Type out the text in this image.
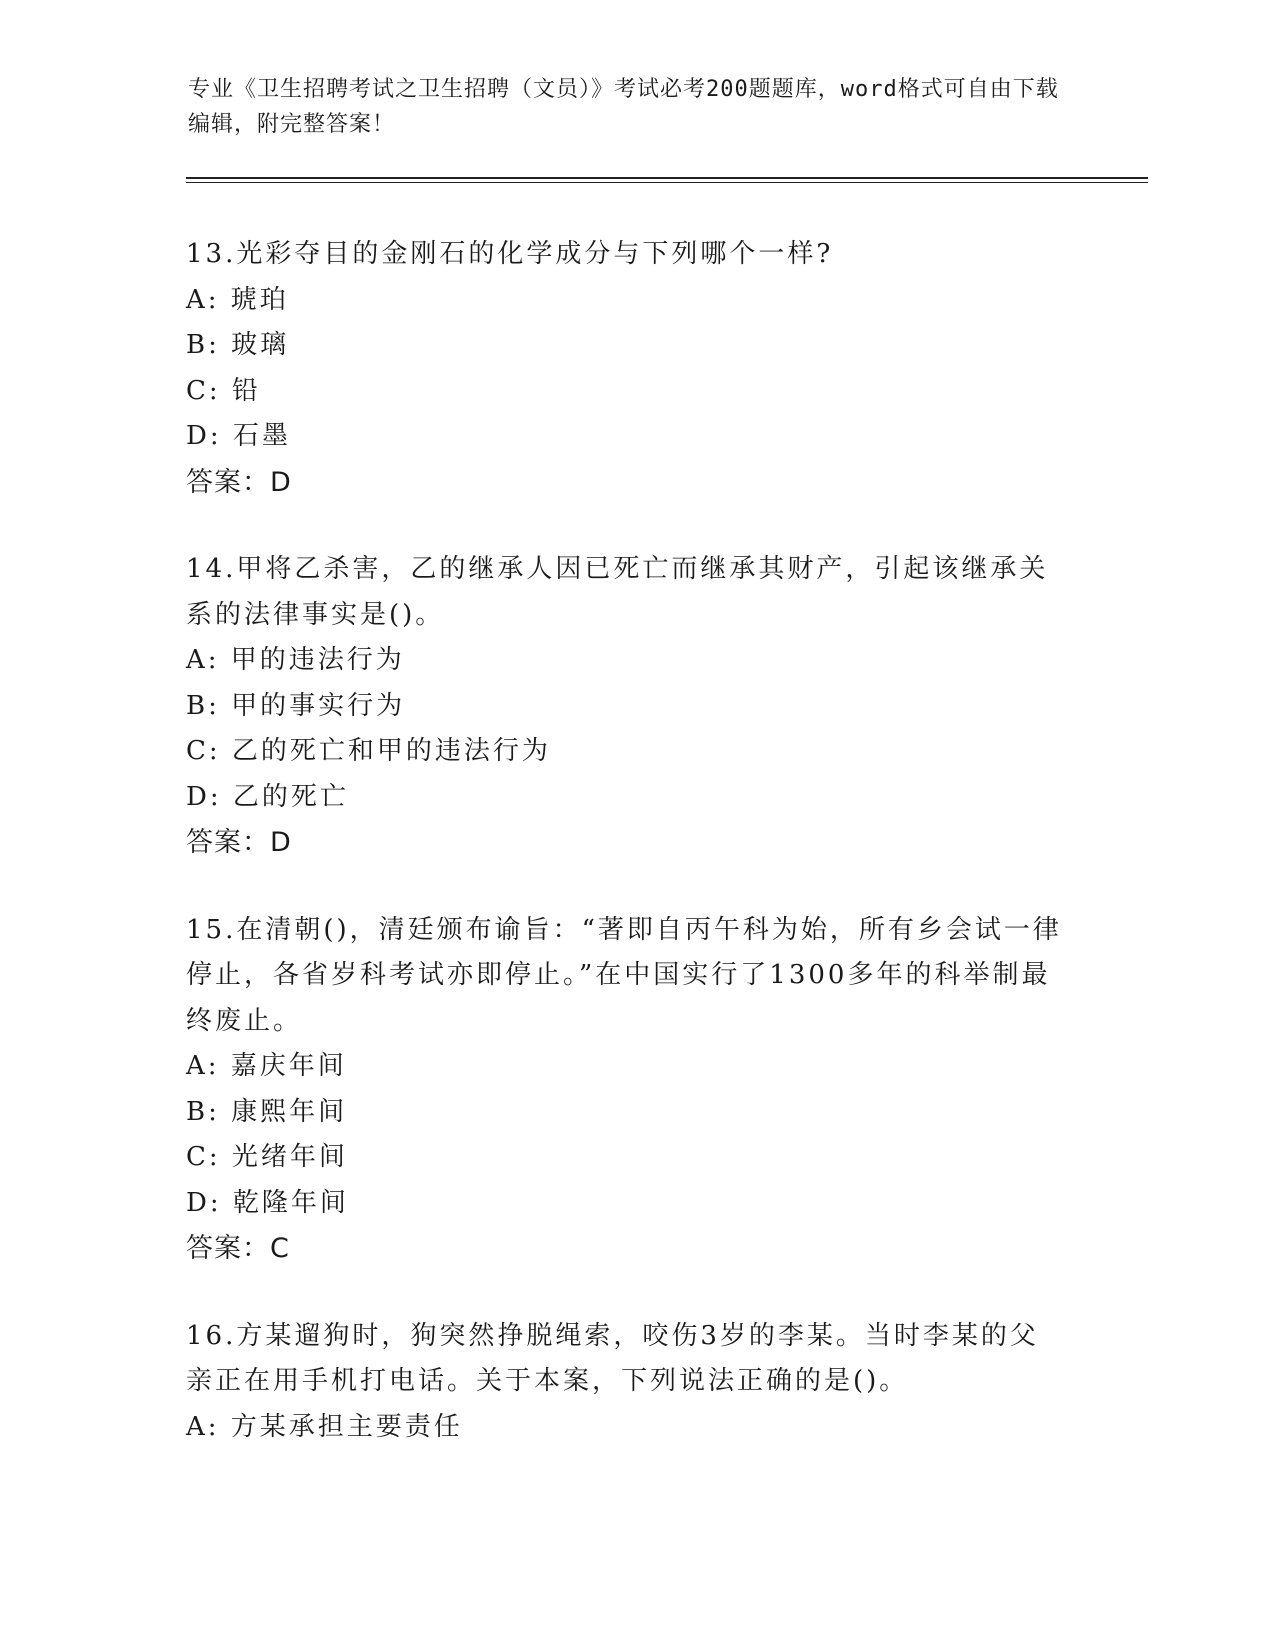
专业《卫生招聘考试之卫生招聘（文员）》考试必考200题题库，word格式可自由下载编辑，附完整答案！
13.光彩夺目的金刚石的化学成分与下列哪个一样?
A: 琥珀
B: 玻璃
C: 铅
D: 石墨
答案：D
14.甲将乙杀害，乙的继承人因已死亡而继承其财产，引起该继承关系的法律事实是()。
A: 甲的违法行为
B: 甲的事实行为
C: 乙的死亡和甲的违法行为
D: 乙的死亡
答案：D
15.在清朝()，清廷颁布谕旨：“著即自丙午科为始，所有乡会试一律停止，各省岁科考试亦即停止。”在中国实行了1300多年的科举制最终废止。
A: 嘉庆年间
B: 康熙年间
C: 光绪年间
D: 乾隆年间
答案：C
16.方某遛狗时，狗突然挣脱绳索，咬伤3岁的李某。当时李某的父亲正在用手机打电话。关于本案，下列说法正确的是()。
A: 方某承担主要责任
